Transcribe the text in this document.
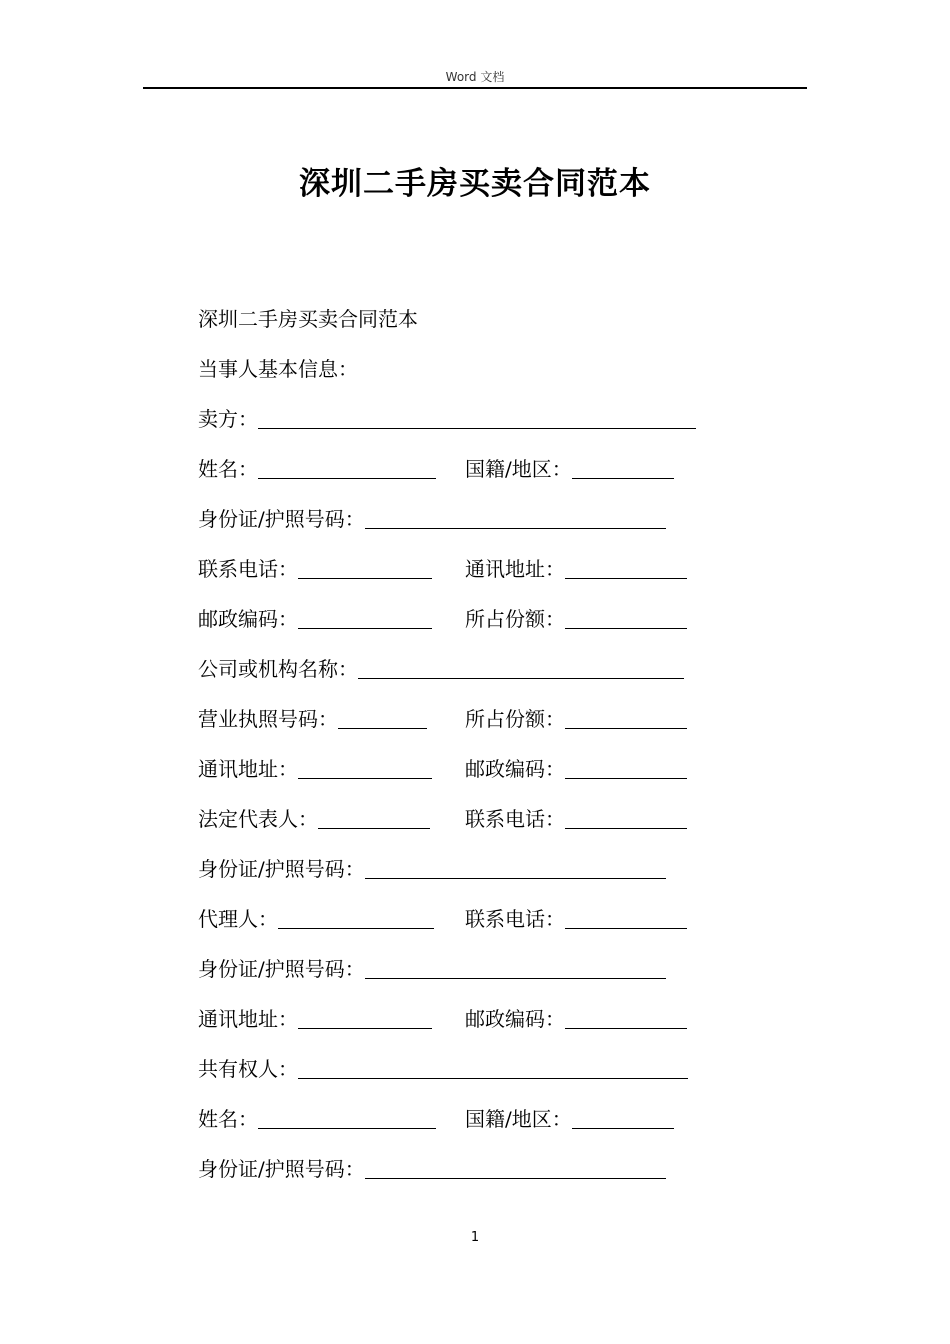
Word 文档
深圳二手房买卖合同范本
深圳二手房买卖合同范本
当事人基本信息：
卖方：
姓名：	国籍/地区：
身份证/护照号码：
联系电话：	通讯地址：
邮政编码：	所占份额：
公司或机构名称：
营业执照号码：	所占份额：
通讯地址：	邮政编码：
法定代表人：	联系电话：
身份证/护照号码：
代理人：	联系电话：
身份证/护照号码：
通讯地址：	邮政编码：
共有权人：
姓名：	国籍/地区：
身份证/护照号码：
1
